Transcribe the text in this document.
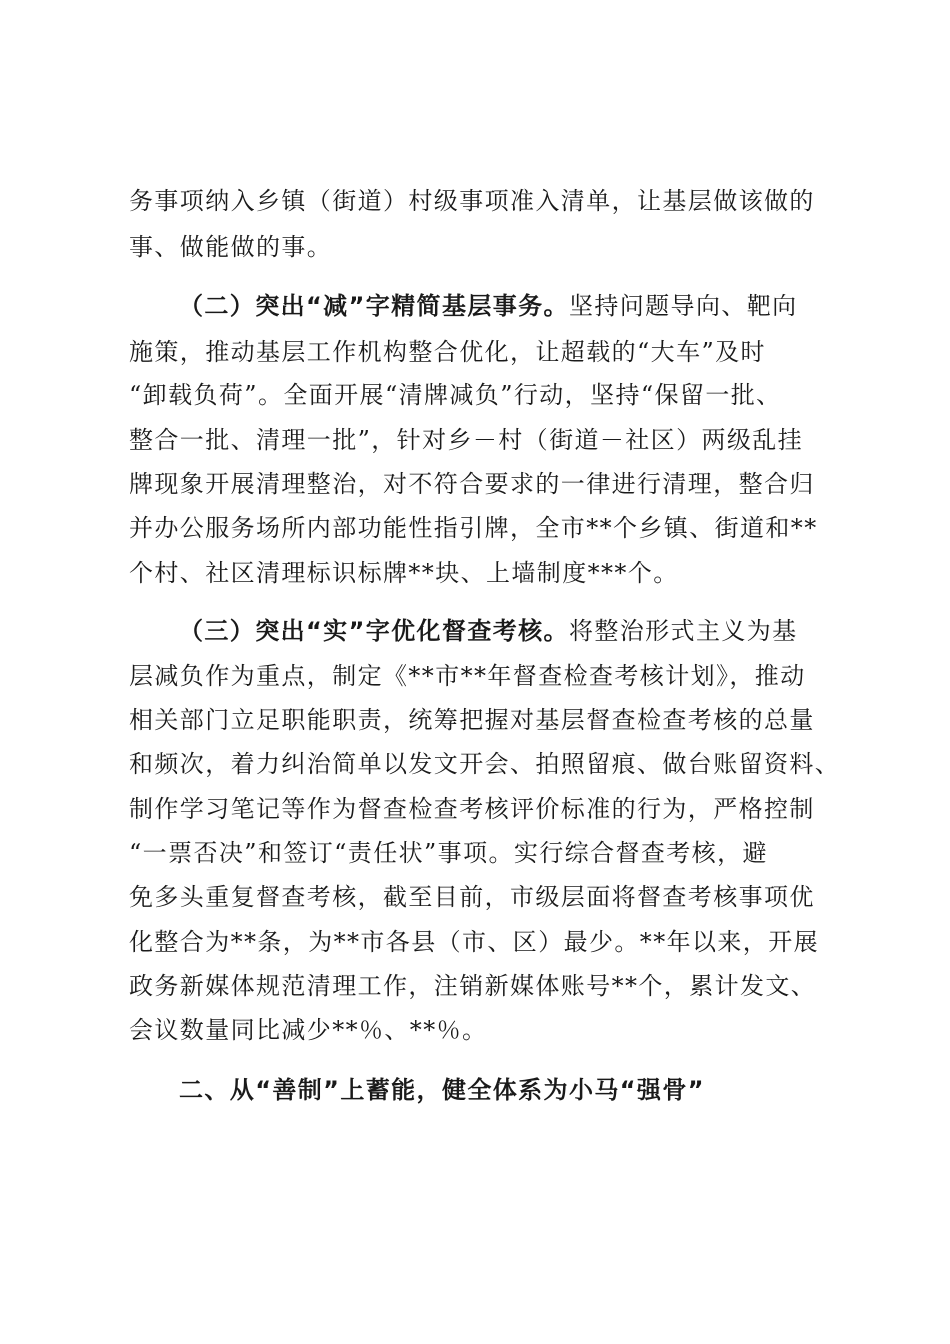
务事项纳入乡镇（街道）村级事项准入清单，让基层做该做的
事、做能做的事。
（二）突出“减”字精简基层事务。坚持问题导向、靶向
施策，推动基层工作机构整合优化，让超载的“大车”及时
“卸载负荷”。全面开展“清牌减负”行动，坚持“保留一批、
整合一批、清理一批”，针对乡－村（街道－社区）两级乱挂
牌现象开展清理整治，对不符合要求的一律进行清理，整合归
并办公服务场所内部功能性指引牌，全市**个乡镇、街道和**
个村、社区清理标识标牌**块、上墙制度***个。
（三）突出“实”字优化督查考核。将整治形式主义为基
层减负作为重点，制定《**市**年督查检查考核计划》，推动
相关部门立足职能职责，统筹把握对基层督查检查考核的总量
和频次，着力纠治简单以发文开会、拍照留痕、做台账留资料、
制作学习笔记等作为督查检查考核评价标准的行为，严格控制
“一票否决”和签订“责任状”事项。实行综合督查考核，避
免多头重复督查考核，截至目前，市级层面将督查考核事项优
化整合为**条，为**市各县（市、区）最少。**年以来，开展
政务新媒体规范清理工作，注销新媒体账号**个，累计发文、
会议数量同比减少**％、**％。
二、从“善制”上蓄能，健全体系为小马“强骨”
